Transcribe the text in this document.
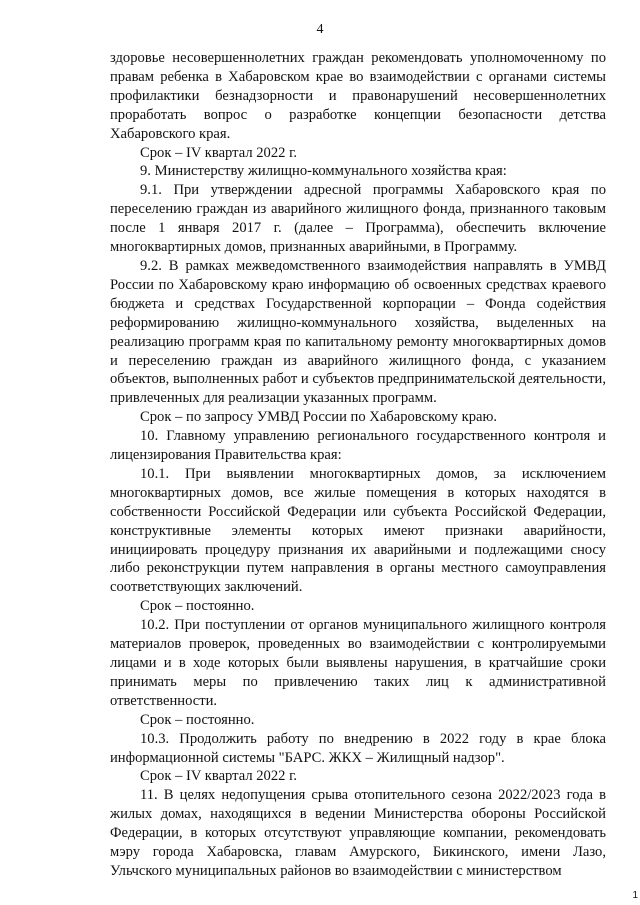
4

здоровье несовершеннолетних граждан рекомендовать уполномоченному по правам ребенка в Хабаровском крае во взаимодействии с органами системы профилактики безнадзорности и правонарушений несовершеннолетних проработать вопрос о разработке концепции безопасности детства Хабаровского края.

Срок – IV квартал 2022 г.

9. Министерству жилищно-коммунального хозяйства края:

9.1. При утверждении адресной программы Хабаровского края по переселению граждан из аварийного жилищного фонда, признанного таковым после 1 января 2017 г. (далее – Программа), обеспечить включение многоквартирных домов, признанных аварийными, в Программу.

9.2. В рамках межведомственного взаимодействия направлять в УМВД России по Хабаровскому краю информацию об освоенных средствах краевого бюджета и средствах Государственной корпорации – Фонда содействия реформированию жилищно-коммунального хозяйства, выделенных на реализацию программ края по капитальному ремонту многоквартирных домов и переселению граждан из аварийного жилищного фонда, с указанием объектов, выполненных работ и субъектов предпринимательской деятельности, привлеченных для реализации указанных программ.

Срок – по запросу УМВД России по Хабаровскому краю.

10. Главному управлению регионального государственного контроля и лицензирования Правительства края:

10.1. При выявлении многоквартирных домов, за исключением многоквартирных домов, все жилые помещения в которых находятся в собственности Российской Федерации или субъекта Российской Федерации, конструктивные элементы которых имеют признаки аварийности, инициировать процедуру признания их аварийными и подлежащими сносу либо реконструкции путем направления в органы местного самоуправления соответствующих заключений.

Срок – постоянно.

10.2. При поступлении от органов муниципального жилищного контроля материалов проверок, проведенных во взаимодействии с контролируемыми лицами и в ходе которых были выявлены нарушения, в кратчайшие сроки принимать меры по привлечению таких лиц к административной ответственности.

Срок – постоянно.

10.3. Продолжить работу по внедрению в 2022 году в крае блока информационной системы "БАРС. ЖКХ – Жилищный надзор".

Срок – IV квартал 2022 г.

11. В целях недопущения срыва отопительного сезона 2022/2023 года в жилых домах, находящихся в ведении Министерства обороны Российской Федерации, в которых отсутствуют управляющие компании, рекомендовать мэру города Хабаровска, главам Амурского, Бикинского, имени Лазо, Ульчского муниципальных районов во взаимодействии с министерством

1
